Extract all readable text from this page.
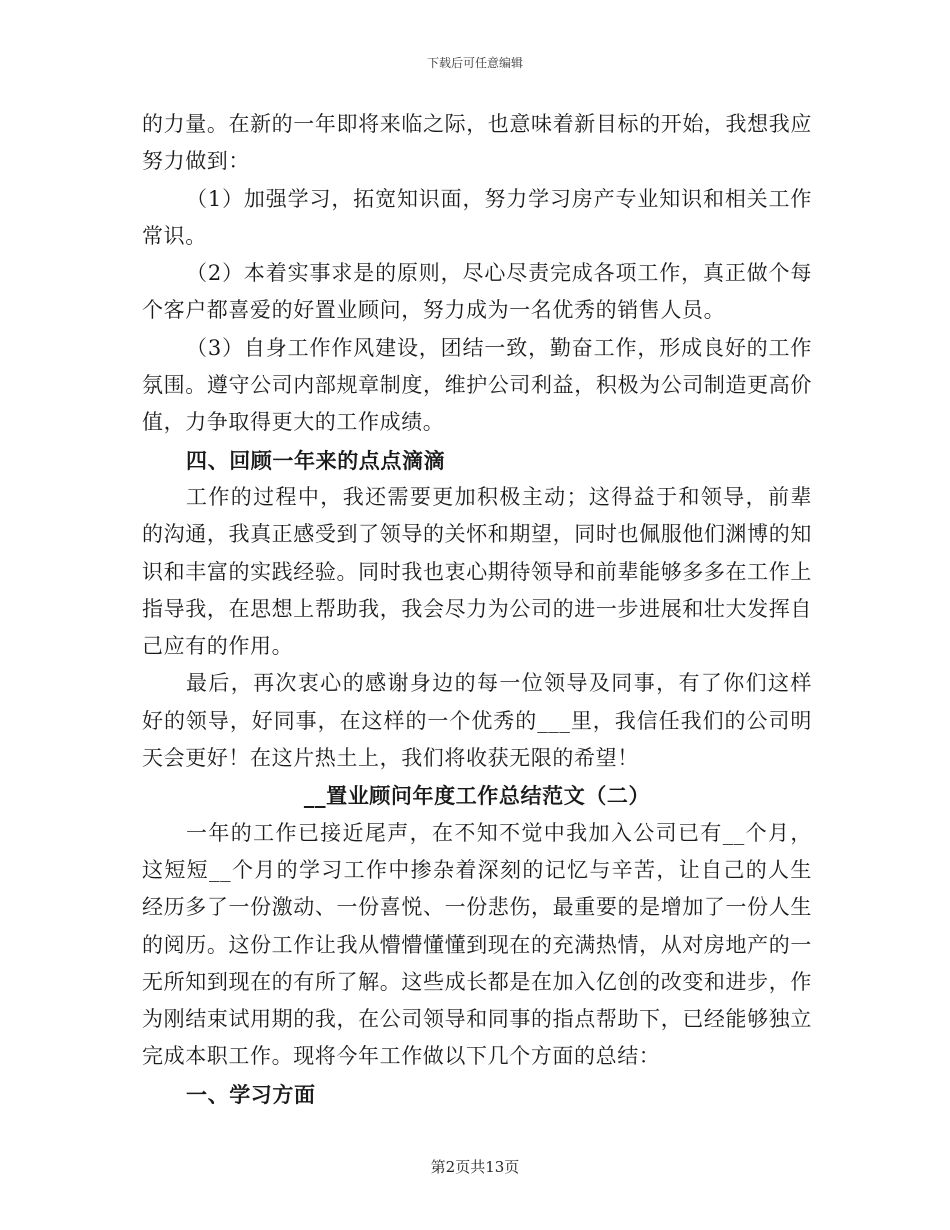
下载后可任意编辑

的力量。在新的一年即将来临之际，也意味着新目标的开始，我想我应努力做到：

（1）加强学习，拓宽知识面，努力学习房产专业知识和相关工作常识。

（2）本着实事求是的原则，尽心尽责完成各项工作，真正做个每个客户都喜爱的好置业顾问，努力成为一名优秀的销售人员。

（3）自身工作作风建设，团结一致，勤奋工作，形成良好的工作氛围。遵守公司内部规章制度，维护公司利益，积极为公司制造更高价值，力争取得更大的工作成绩。

四、回顾一年来的点点滴滴

工作的过程中，我还需要更加积极主动；这得益于和领导，前辈的沟通，我真正感受到了领导的关怀和期望，同时也佩服他们渊博的知识和丰富的实践经验。同时我也衷心期待领导和前辈能够多多在工作上指导我，在思想上帮助我，我会尽力为公司的进一步进展和壮大发挥自己应有的作用。

最后，再次衷心的感谢身边的每一位领导及同事，有了你们这样好的领导，好同事，在这样的一个优秀的___里，我信任我们的公司明天会更好！在这片热土上，我们将收获无限的希望！

__置业顾问年度工作总结范文（二）

一年的工作已接近尾声，在不知不觉中我加入公司已有__个月，这短短__个月的学习工作中掺杂着深刻的记忆与辛苦，让自己的人生经历多了一份激动、一份喜悦、一份悲伤，最重要的是增加了一份人生的阅历。这份工作让我从懵懵懂懂到现在的充满热情，从对房地产的一无所知到现在的有所了解。这些成长都是在加入亿创的改变和进步，作为刚结束试用期的我，在公司领导和同事的指点帮助下，已经能够独立完成本职工作。现将今年工作做以下几个方面的总结：

一、学习方面
第2页共13页
